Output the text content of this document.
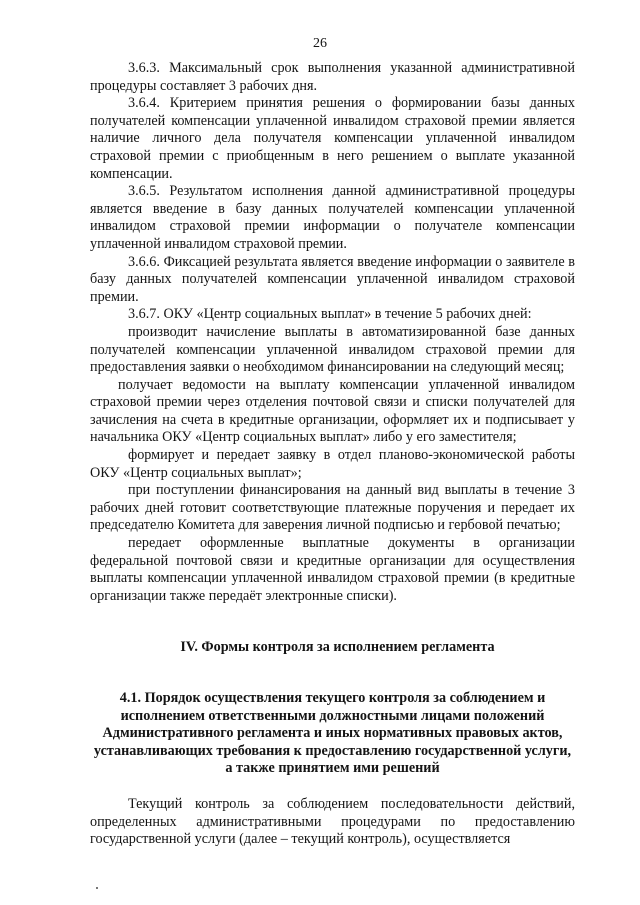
26

3.6.3. Максимальный срок выполнения указанной административной процедуры составляет 3 рабочих дня.

3.6.4. Критерием принятия решения о формировании базы данных получателей компенсации уплаченной инвалидом страховой премии является наличие личного дела получателя компенсации уплаченной инвалидом страховой премии с приобщенным в него решением о выплате указанной компенсации.

3.6.5. Результатом исполнения данной административной процедуры является введение в базу данных получателей компенсации уплаченной инвалидом страховой премии информации о получателе компенсации уплаченной инвалидом страховой премии.

3.6.6. Фиксацией результата является введение информации о заявителе в базу данных получателей компенсации уплаченной инвалидом страховой премии.

3.6.7. ОКУ «Центр социальных выплат» в течение 5 рабочих дней:

производит начисление выплаты в автоматизированной базе данных получателей компенсации уплаченной инвалидом страховой премии для предоставления заявки о необходимом финансировании на следующий месяц;

получает ведомости на выплату компенсации уплаченной инвалидом страховой премии через отделения почтовой связи и списки получателей для зачисления на счета в кредитные организации, оформляет их и подписывает у начальника ОКУ «Центр социальных выплат» либо у его заместителя;

формирует и передает заявку в отдел планово-экономической работы ОКУ «Центр социальных выплат»;

при поступлении финансирования на данный вид выплаты в течение 3 рабочих дней готовит соответствующие платежные поручения и передает их председателю Комитета для заверения личной подписью и гербовой печатью;

передает оформленные выплатные документы в организации федеральной почтовой связи и кредитные организации для осуществления выплаты компенсации уплаченной инвалидом страховой премии (в кредитные организации также передаёт электронные списки).

IV. Формы контроля за исполнением регламента

4.1. Порядок осуществления текущего контроля за соблюдением и исполнением ответственными должностными лицами положений Административного регламента и иных нормативных правовых актов, устанавливающих требования к предоставлению государственной услуги, а также принятием ими решений

Текущий контроль за соблюдением последовательности действий, определенных административными процедурами по предоставлению государственной услуги (далее – текущий контроль), осуществляется
